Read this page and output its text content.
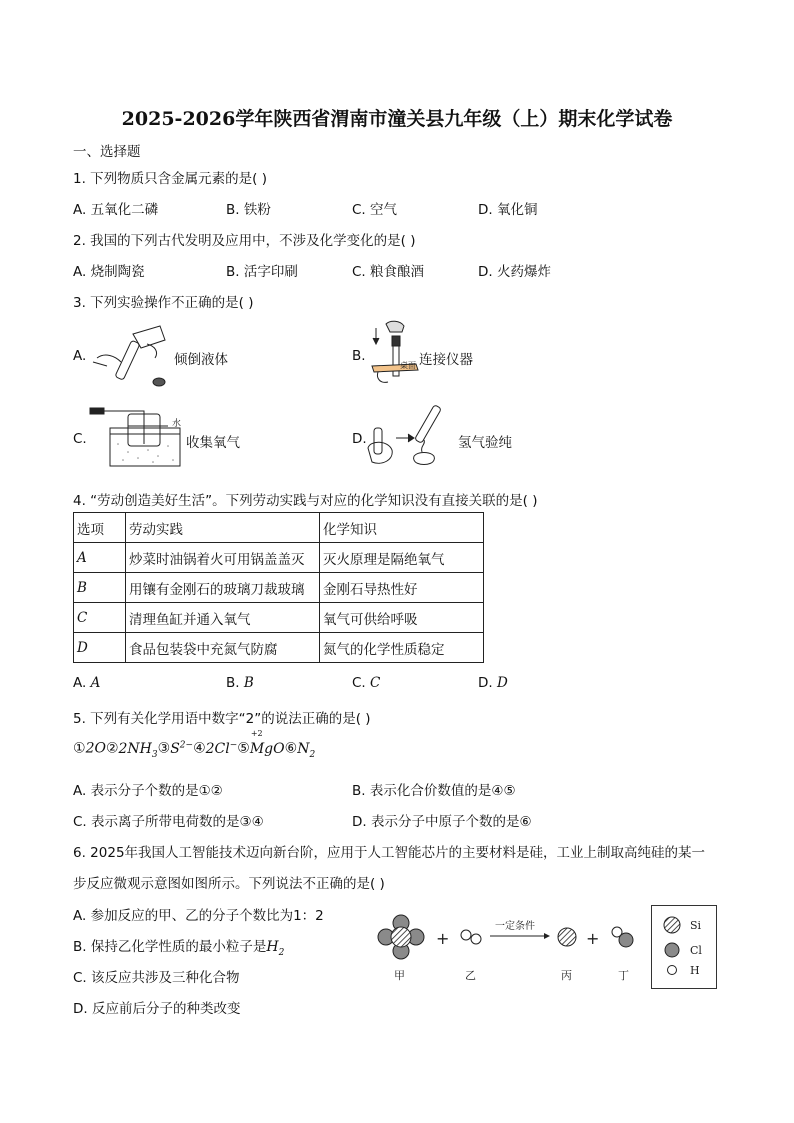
2025-2026学年陕西省渭南市潼关县九年级（上）期末化学试卷
一、选择题
1. 下列物质只含金属元素的是( )
A. 五氧化二磷	B. 铁粉	C. 空气	D. 氧化铜
2. 我国的下列古代发明及应用中，不涉及化学变化的是( )
A. 烧制陶瓷	B. 活字印刷	C. 粮食酿酒	D. 火药爆炸
3. 下列实验操作不正确的是( )
A.	倾倒液体	B.
桌面 连接仪器
C.
水
收集氧气	D.	氢气验纯
4. “劳动创造美好生活”。下列劳动实践与对应的化学知识没有直接关联的是( )
选项	劳动实践	化学知识
A	炒菜时油锅着火可用锅盖盖灭	灭火原理是隔绝氧气
B	用镶有金刚石的玻璃刀裁玻璃	金刚石导热性好
C	清理鱼缸并通入氧气	氧气可供给呼吸
D	食品包装袋中充氮气防腐	氮气的化学性质稳定
A. A	B. B	C. C	D. D
5. 下列有关化学用语中数字“2”的说法正确的是( )
$①2O②2NH_3③S^{2-}④2Cl^-⑤$
+2
$MgO⑥N_2$
A. 表示分子个数的是①②	B. 表示化合价数值的是④⑤
C. 表示离子所带电荷数的是③④	D. 表示分子中原子个数的是⑥
6. 2025年我国人工智能技术迈向新台阶，应用于人工智能芯片的主要材料是硅，工业上制取高纯硅的某一
步反应微观示意图如图所示。下列说法不正确的是( )
A. 参加反应的甲、乙的分子个数比为1：2
B. 保持乙化学性质的最小粒子是$H_2$
C. 该反应共涉及三种化合物
D. 反应前后分子的种类改变
+
一定条件
+
甲	乙	丙	丁
Si
Cl
H
